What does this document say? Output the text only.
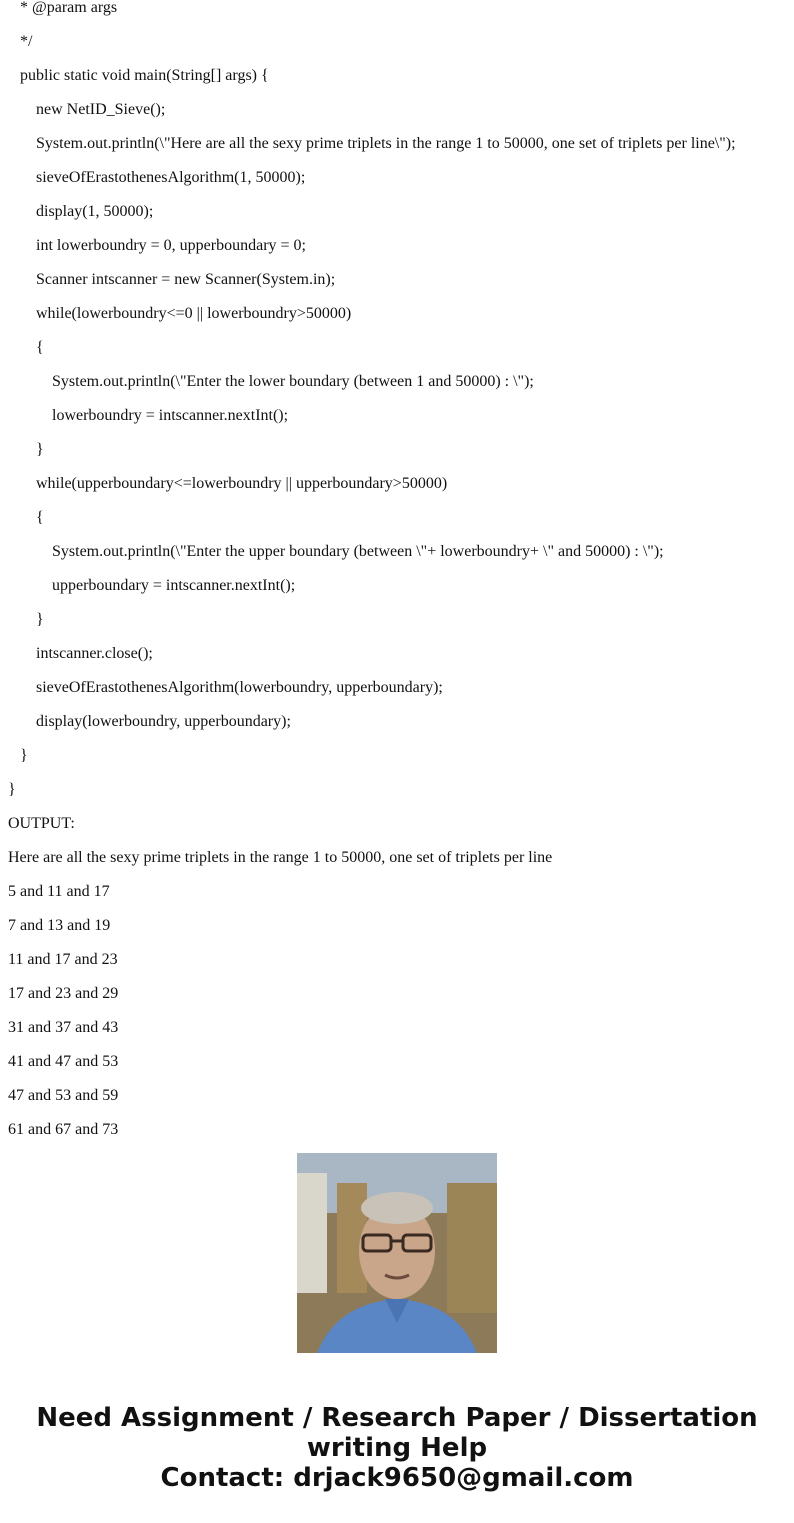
* @param args
*/
public static void main(String[] args) {
new NetID_Sieve();
System.out.println(\"Here are all the sexy prime triplets in the range 1 to 50000, one set of triplets per line\");
sieveOfErastothenesAlgorithm(1, 50000);
display(1, 50000);
int lowerboundry = 0, upperboundary = 0;
Scanner intscanner = new Scanner(System.in);
while(lowerboundry<=0 || lowerboundry>50000)
{
System.out.println(\"Enter the lower boundary (between 1 and 50000) : \");
lowerboundry = intscanner.nextInt();
}
while(upperboundary<=lowerboundry || upperboundary>50000)
{
System.out.println(\"Enter the upper boundary (between \"+ lowerboundry+ \" and 50000) : \");
upperboundary = intscanner.nextInt();
}
intscanner.close();
sieveOfErastothenesAlgorithm(lowerboundry, upperboundary);
display(lowerboundry, upperboundary);
}
}
OUTPUT:
Here are all the sexy prime triplets in the range 1 to 50000, one set of triplets per line
5 and 11 and 17
7 and 13 and 19
11 and 17 and 23
17 and 23 and 29
31 and 37 and 43
41 and 47 and 53
47 and 53 and 59
61 and 67 and 73
Need Assignment / Research Paper / Dissertation writing Help
Contact: drjack9650@gmail.com
